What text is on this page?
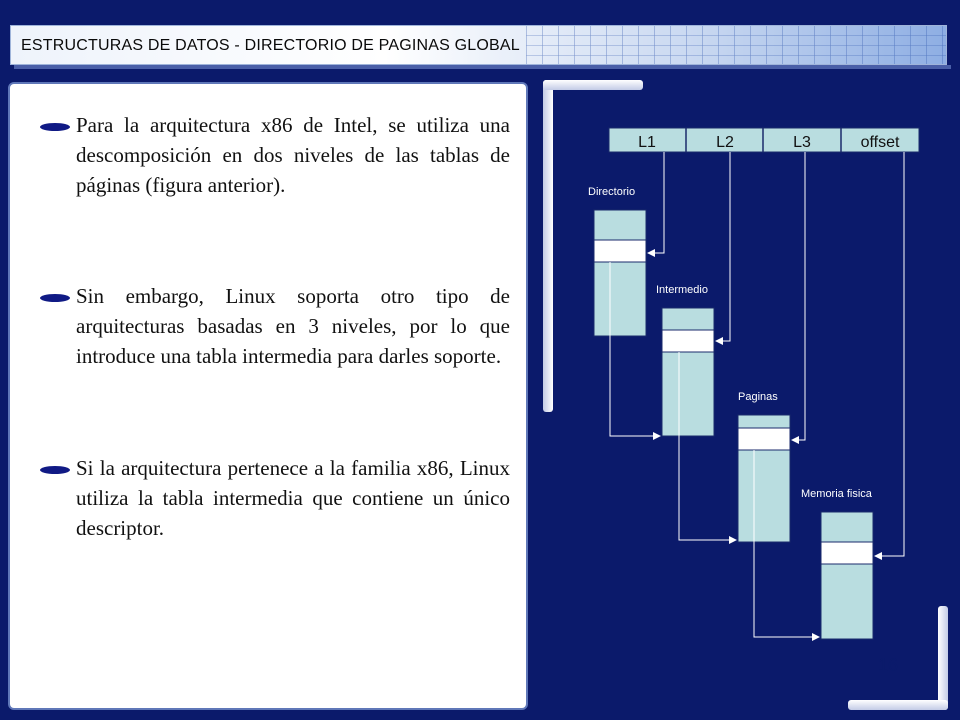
ESTRUCTURAS DE DATOS - DIRECTORIO DE PAGINAS GLOBAL
Para la arquitectura x86 de Intel, se utiliza una descomposición en dos niveles de las tablas de páginas (figura anterior).
Sin embargo, Linux soporta otro tipo de arquitecturas basadas en 3 niveles, por lo que introduce una tabla intermedia para darles soporte.
Si la arquitectura pertenece a la familia x86, Linux utiliza la tabla intermedia que contiene un único descriptor.
L1	L2	L3	offset
Directorio
Intermedio
Paginas
Memoria fisica
16
